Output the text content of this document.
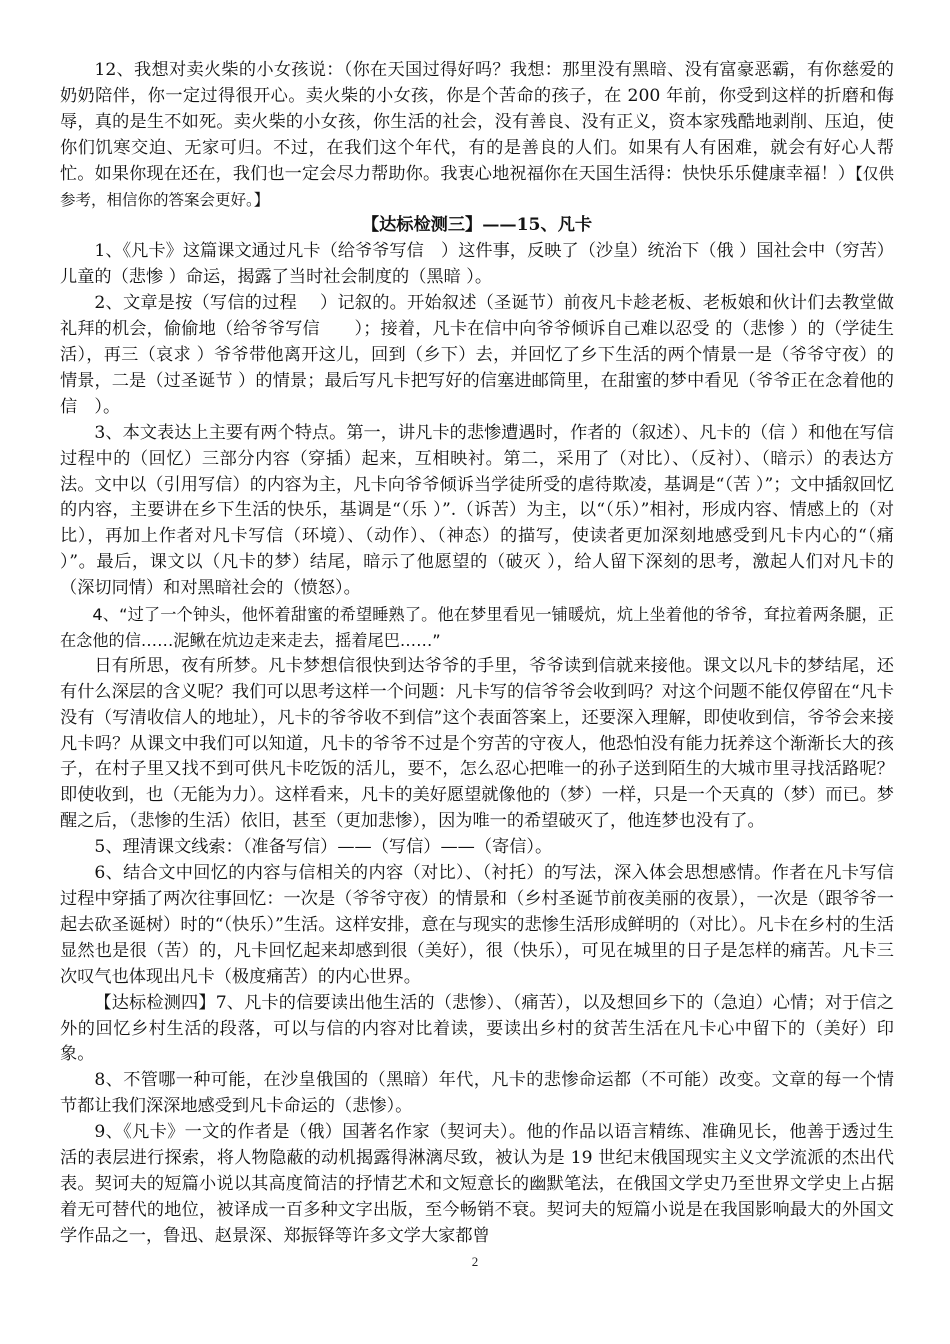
12、我想对卖火柴的小女孩说：（你在天国过得好吗？我想：那里没有黑暗、没有富豪恶霸，有你慈爱的奶奶陪伴，你一定过得很开心。卖火柴的小女孩，你是个苦命的孩子，在 200 年前，你受到这样的折磨和侮辱，真的是生不如死。卖火柴的小女孩，你生活的社会，没有善良、没有正义，资本家残酷地剥削、压迫，使你们饥寒交迫、无家可归。不过，在我们这个年代，有的是善良的人们。如果有人有困难，就会有好心人帮忙。如果你现在还在，我们也一定会尽力帮助你。我衷心地祝福你在天国生活得：快快乐乐健康幸福！）【仅供参考，相信你的答案会更好。】

【达标检测三】——15、凡卡

1、《凡卡》这篇课文通过凡卡（给爷爷写信　）这件事，反映了（沙皇）统治下（俄 ）国社会中（穷苦）儿童的（悲惨 ）命运，揭露了当时社会制度的（黑暗 ）。

2、文章是按（写信的过程 　）记叙的。开始叙述（圣诞节）前夜凡卡趁老板、老板娘和伙计们去教堂做礼拜的机会，偷偷地（给爷爷写信　　）；接着，凡卡在信中向爷爷倾诉自己难以忍受 的（悲惨 ）的（学徒生活），再三（哀求 ）爷爷带他离开这儿，回到（乡下）去，并回忆了乡下生活的两个情景一是（爷爷守夜）的情景，二是（过圣诞节 ）的情景；最后写凡卡把写好的信塞进邮筒里，在甜蜜的梦中看见（爷爷正在念着他的信　）。

3、本文表达上主要有两个特点。第一，讲凡卡的悲惨遭遇时，作者的（叙述）、凡卡的（信 ）和他在写信过程中的（回忆）三部分内容（穿插）起来，互相映衬。第二，采用了（对比）、（反衬）、（暗示）的表达方法。文中以（引用写信）的内容为主，凡卡向爷爷倾诉当学徒所受的虐待欺凌，基调是“（苦 ）”；文中插叙回忆的内容，主要讲在乡下生活的快乐，基调是“（乐 ）”.（诉苦）为主，以“（乐）”相衬，形成内容、情感上的（对比），再加上作者对凡卡写信（环境）、（动作）、（神态）的描写，使读者更加深刻地感受到凡卡内心的“（痛 ）”。最后，课文以（凡卡的梦）结尾，暗示了他愿望的（破灭 ），给人留下深刻的思考，激起人们对凡卡的（深切同情）和对黑暗社会的（愤怒）。

4、“过了一个钟头，他怀着甜蜜的希望睡熟了。他在梦里看见一铺暖炕，炕上坐着他的爷爷，耷拉着两条腿，正在念他的信……泥鳅在炕边走来走去，摇着尾巴……”

日有所思，夜有所梦。凡卡梦想信很快到达爷爷的手里，爷爷读到信就来接他。课文以凡卡的梦结尾，还有什么深层的含义呢？我们可以思考这样一个问题：凡卡写的信爷爷会收到吗？对这个问题不能仅停留在“凡卡没有（写清收信人的地址），凡卡的爷爷收不到信”这个表面答案上，还要深入理解，即使收到信，爷爷会来接凡卡吗？从课文中我们可以知道，凡卡的爷爷不过是个穷苦的守夜人，他恐怕没有能力抚养这个渐渐长大的孩子，在村子里又找不到可供凡卡吃饭的活儿，要不，怎么忍心把唯一的孙子送到陌生的大城市里寻找活路呢？即使收到，也（无能为力）。这样看来，凡卡的美好愿望就像他的（梦）一样，只是一个天真的（梦）而已。梦醒之后，（悲惨的生活）依旧，甚至（更加悲惨），因为唯一的希望破灭了，他连梦也没有了。

5、理清课文线索：（准备写信）——（写信）——（寄信）。

6、结合文中回忆的内容与信相关的内容（对比）、（衬托）的写法，深入体会思想感情。作者在凡卡写信过程中穿插了两次往事回忆：一次是（爷爷守夜）的情景和（乡村圣诞节前夜美丽的夜景），一次是（跟爷爷一起去砍圣诞树）时的“（快乐）”生活。这样安排，意在与现实的悲惨生活形成鲜明的（对比）。凡卡在乡村的生活显然也是很（苦）的，凡卡回忆起来却感到很（美好），很（快乐），可见在城里的日子是怎样的痛苦。凡卡三次叹气也体现出凡卡（极度痛苦）的内心世界。

【达标检测四】7、凡卡的信要读出他生活的（悲惨）、（痛苦），以及想回乡下的（急迫）心情；对于信之外的回忆乡村生活的段落，可以与信的内容对比着读，要读出乡村的贫苦生活在凡卡心中留下的（美好）印象。

8、不管哪一种可能，在沙皇俄国的（黑暗）年代，凡卡的悲惨命运都（不可能）改变。文章的每一个情节都让我们深深地感受到凡卡命运的（悲惨）。

9、《凡卡》一文的作者是（俄）国著名作家（契诃夫）。他的作品以语言精练、准确见长，他善于透过生活的表层进行探索，将人物隐蔽的动机揭露得淋漓尽致，被认为是 19 世纪末俄国现实主义文学流派的杰出代表。契诃夫的短篇小说以其高度简洁的抒情艺术和文短意长的幽默笔法，在俄国文学史乃至世界文学史上占据着无可替代的地位，被译成一百多种文字出版，至今畅销不衰。契诃夫的短篇小说是在我国影响最大的外国文学作品之一，鲁迅、赵景深、郑振铎等许多文学大家都曾

2
